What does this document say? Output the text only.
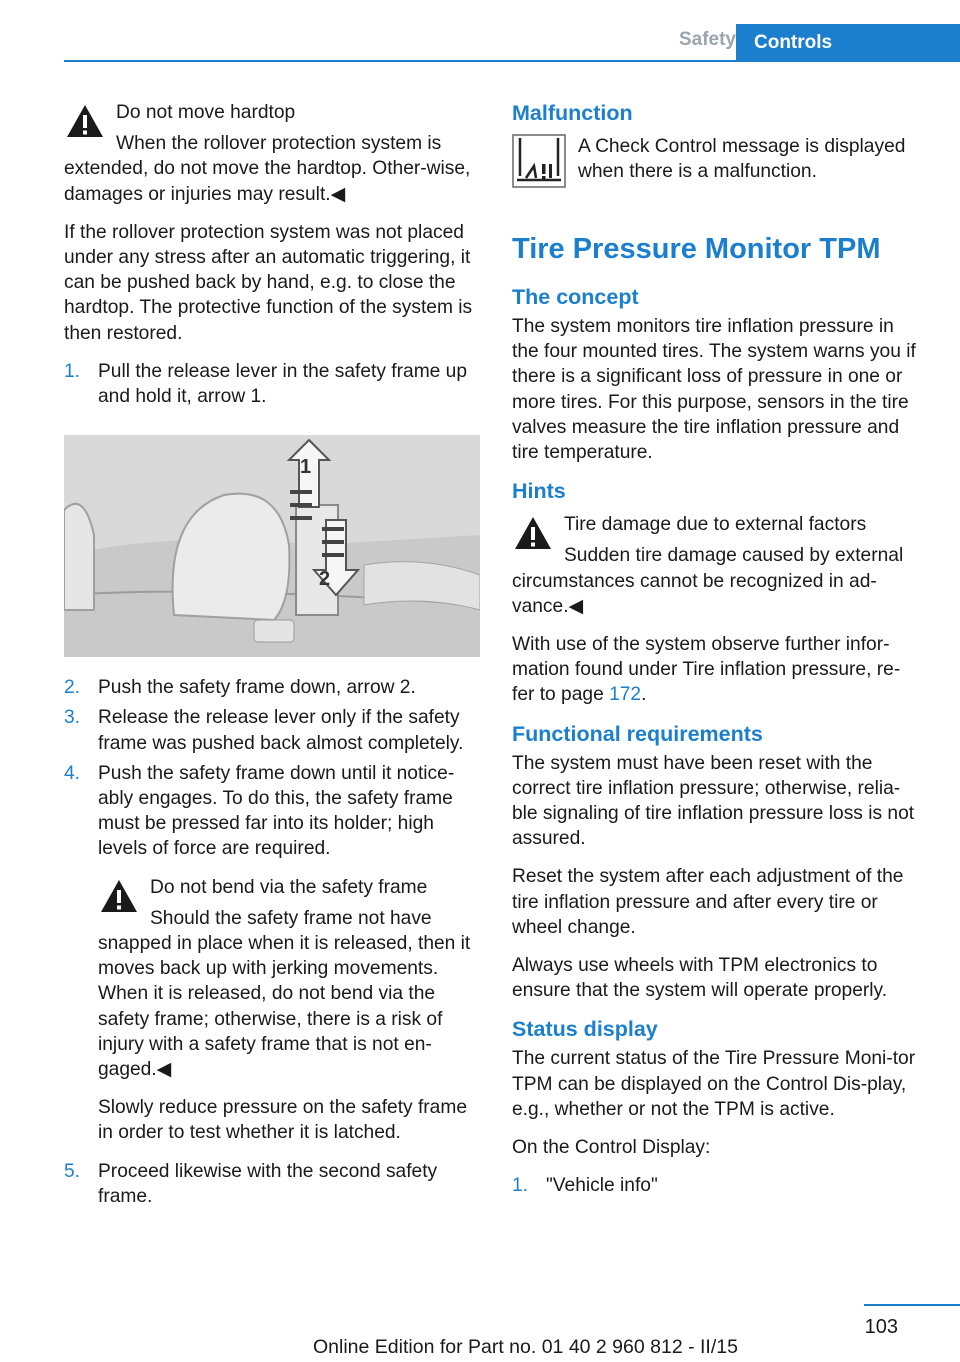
Safety Controls
Do not move hardtop
When the rollover protection system is extended, do not move the hardtop. Other‐wise, damages or injuries may result.◀

If the rollover protection system was not placed under any stress after an automatic triggering, it can be pushed back by hand, e.g. to close the hardtop. The protective function of the system is then restored.

1. Pull the release lever in the safety frame up and hold it, arrow 1.
1
2
2. Push the safety frame down, arrow 2.
3. Release the release lever only if the safety frame was pushed back almost completely.
4. Push the safety frame down until it notice‐ably engages. To do this, the safety frame must be pressed far into its holder; high levels of force are required.
Do not bend via the safety frame
Should the safety frame not have snapped in place when it is released, then it moves back up with jerking movements. When it is released, do not bend via the safety frame; otherwise, there is a risk of injury with a safety frame that is not en‐gaged.◀

Slowly reduce pressure on the safety frame in order to test whether it is latched.

5. Proceed likewise with the second safety frame.
Malfunction
A Check Control message is displayed when there is a malfunction.
Tire Pressure Monitor TPM
The concept

The system monitors tire inflation pressure in the four mounted tires. The system warns you if there is a significant loss of pressure in one or more tires. For this purpose, sensors in the tire valves measure the tire inflation pressure and tire temperature.

Hints
Tire damage due to external factors
Sudden tire damage caused by external circumstances cannot be recognized in ad‐vance.◀

With use of the system observe further infor‐mation found under Tire inflation pressure, re‐fer to page 172.

Functional requirements

The system must have been reset with the correct tire inflation pressure; otherwise, relia‐ble signaling of tire inflation pressure loss is not assured.

Reset the system after each adjustment of the tire inflation pressure and after every tire or wheel change.

Always use wheels with TPM electronics to ensure that the system will operate properly.

Status display

The current status of the Tire Pressure Moni‐tor TPM can be displayed on the Control Dis‐play, e.g., whether or not the TPM is active.

On the Control Display:

1. "Vehicle info"
103
Online Edition for Part no. 01 40 2 960 812 - II/15
